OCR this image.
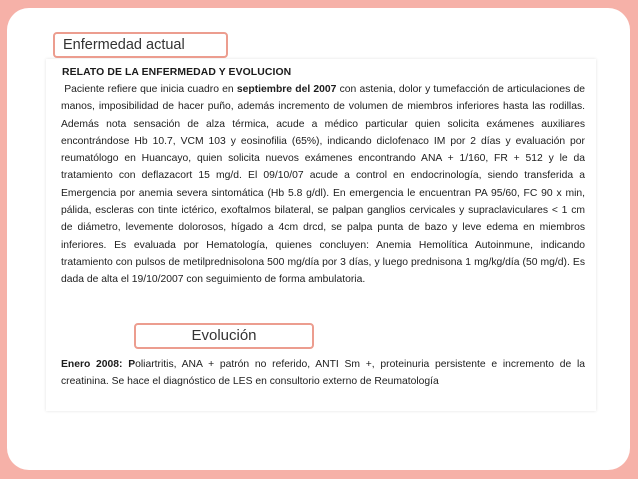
RELATO DE LA ENFERMEDAD Y EVOLUCION

Paciente refiere que inicia cuadro en septiembre del 2007 con astenia, dolor y tumefacción de articulaciones de manos, imposibilidad de hacer puño, además incremento de volumen de miembros inferiores hasta las rodillas. Además nota sensación de alza térmica, acude a médico particular quien solicita exámenes auxiliares encontrándose Hb 10.7, VCM 103 y eosinofilia (65%), indicando diclofenaco IM por 2 días y evaluación por reumatólogo en Huancayo, quien solicita nuevos exámenes encontrando ANA + 1/160, FR + 512 y le da tratamiento con deflazacort 15 mg/d. El 09/10/07 acude a control en endocrinología, siendo transferida a Emergencia por anemia severa sintomática (Hb 5.8 g/dl). En emergencia le encuentran PA 95/60, FC 90 x min, pálida, escleras con tinte ictérico, exoftalmos bilateral, se palpan ganglios cervicales y supraclaviculares < 1 cm de diámetro, levemente dolorosos, hígado a 4cm drcd, se palpa punta de bazo y leve edema en miembros inferiores. Es evaluada por Hematología, quienes concluyen: Anemia Hemolítica Autoinmune, indicando tratamiento con pulsos de metilprednisolona 500 mg/día por 3 días, y luego prednisona 1 mg/kg/día (50 mg/d). Es dada de alta el 19/10/2007 con seguimiento de forma ambulatoria.

Enero 2008: Poliartritis, ANA + patrón no referido, ANTI Sm +, proteinuria persistente e incremento de la creatinina. Se hace el diagnóstico de LES en consultorio externo de Reumatología

Enfermedad actual
Evolución
